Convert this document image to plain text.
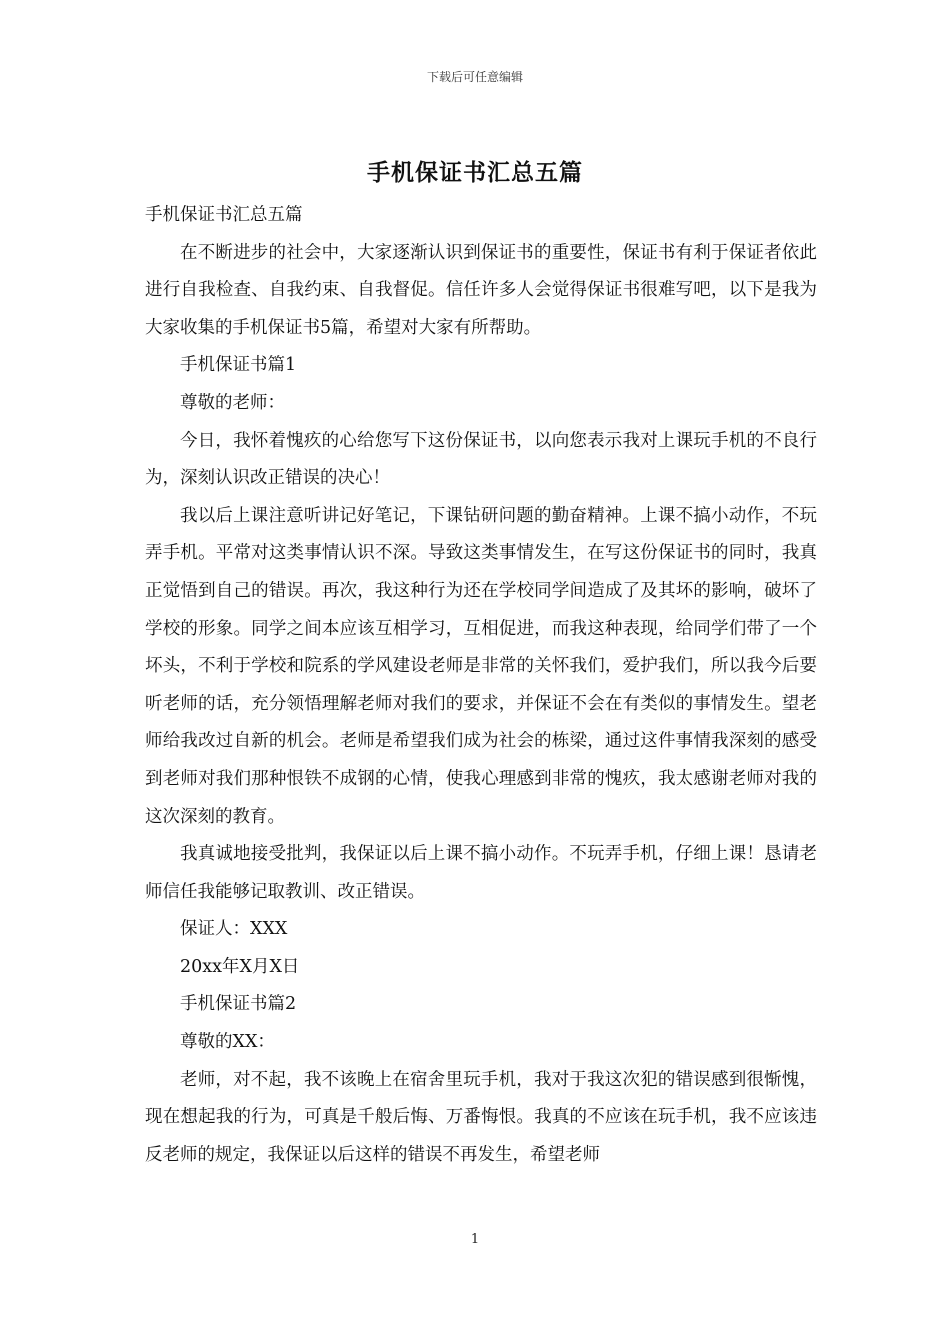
下载后可任意编辑
手机保证书汇总五篇

手机保证书汇总五篇

在不断进步的社会中，大家逐渐认识到保证书的重要性，保证书有利于保证者依此进行自我检查、自我约束、自我督促。信任许多人会觉得保证书很难写吧，以下是我为大家收集的手机保证书5篇，希望对大家有所帮助。

手机保证书篇1

尊敬的老师：

今日，我怀着愧疚的心给您写下这份保证书，以向您表示我对上课玩手机的不良行为，深刻认识改正错误的决心！

我以后上课注意听讲记好笔记，下课钻研问题的勤奋精神。上课不搞小动作，不玩弄手机。平常对这类事情认识不深。导致这类事情发生，在写这份保证书的同时，我真正觉悟到自己的错误。再次，我这种行为还在学校同学间造成了及其坏的影响，破坏了学校的形象。同学之间本应该互相学习，互相促进，而我这种表现，给同学们带了一个坏头，不利于学校和院系的学风建设老师是非常的关怀我们，爱护我们，所以我今后要听老师的话，充分领悟理解老师对我们的要求，并保证不会在有类似的事情发生。望老师给我改过自新的机会。老师是希望我们成为社会的栋梁，通过这件事情我深刻的感受到老师对我们那种恨铁不成钢的心情，使我心理感到非常的愧疚，我太感谢老师对我的这次深刻的教育。

我真诚地接受批判，我保证以后上课不搞小动作。不玩弄手机，仔细上课！恳请老师信任我能够记取教训、改正错误。

保证人：XXX

20xx年X月X日

手机保证书篇2

尊敬的XX：

老师，对不起，我不该晚上在宿舍里玩手机，我对于我这次犯的错误感到很惭愧，现在想起我的行为，可真是千般后悔、万番悔恨。我真的不应该在玩手机，我不应该违反老师的规定，我保证以后这样的错误不再发生，希望老师

1
